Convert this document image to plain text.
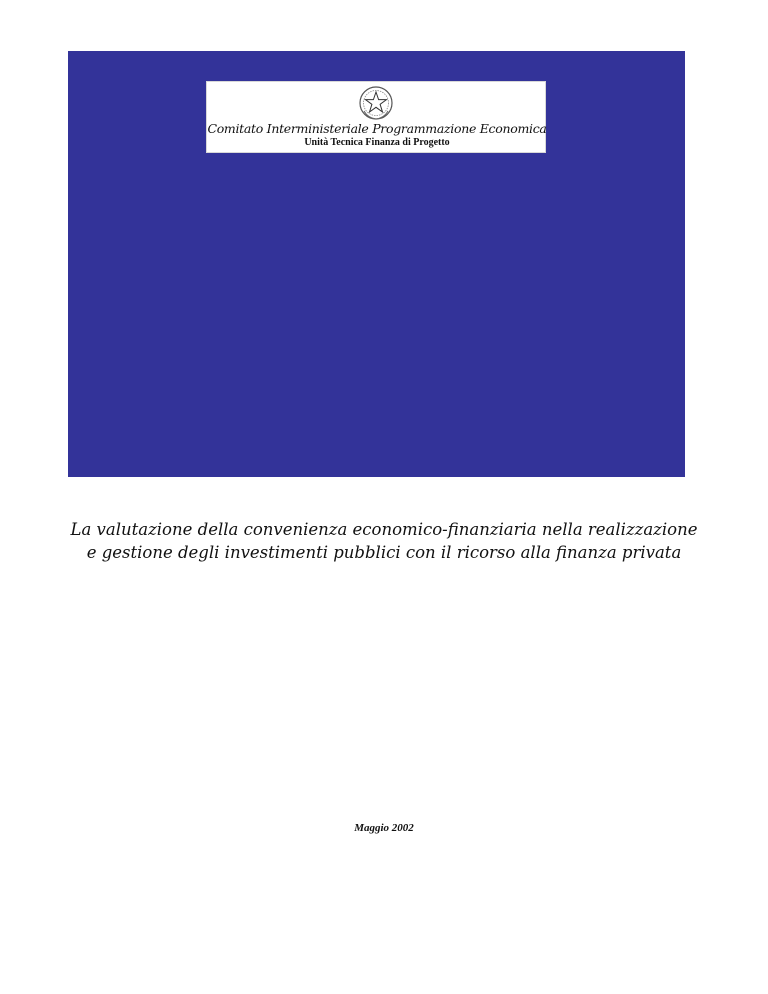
Comitato Interministeriale Programmazione Economica
Unità Tecnica Finanza di Progetto
La valutazione della convenienza economico-finanziaria nella realizzazione e gestione degli investimenti pubblici con il ricorso alla finanza privata
Maggio 2002
